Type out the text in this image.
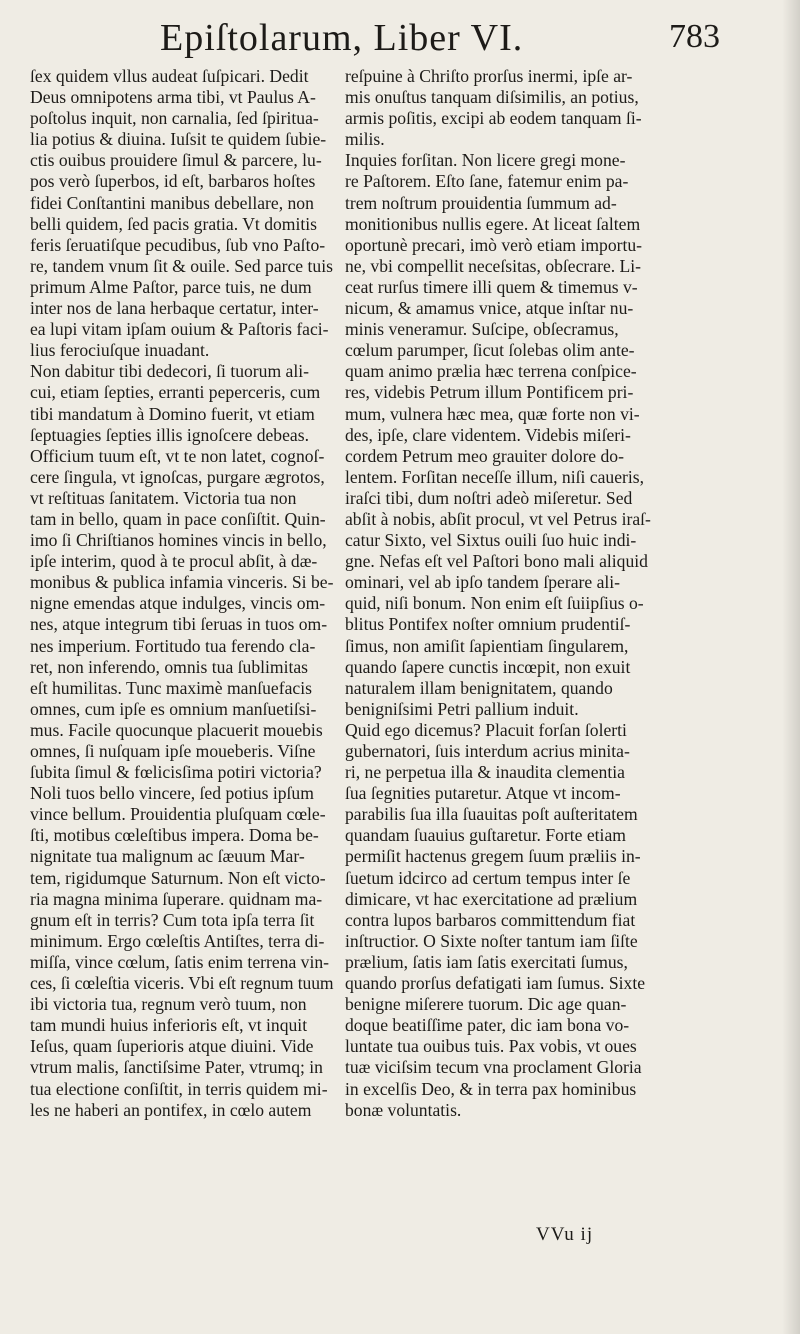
Epiſtolarum, Liber VI.	783
ſex quidem vllus audeat ſuſpicari. Dedit
Deus omnipotens arma tibi, vt Paulus A-
poſtolus inquit, non carnalia, ſed ſpiritua-
lia potius & diuina. Iuſsit te quidem ſubie-
ctis ouibus prouidere ſimul & parcere, lu-
pos verò ſuperbos, id eſt, barbaros hoſtes
fidei Conſtantini manibus debellare, non
belli quidem, ſed pacis gratia. Vt domitis
feris ſeruatiſque pecudibus, ſub vno Paſto-
re, tandem vnum ſit & ouile. Sed parce tuis
primum Alme Paſtor, parce tuis, ne dum
inter nos de lana herbaque certatur, inter-
ea lupi vitam ipſam ouium & Paſtoris faci-
lius ferociuſque inuadant.
Non dabitur tibi dedecori, ſi tuorum ali-
cui, etiam ſepties, erranti peperceris, cum
tibi mandatum à Domino fuerit, vt etiam
ſeptuagies ſepties illis ignoſcere debeas.
Officium tuum eſt, vt te non latet, cognoſ-
cere ſingula, vt ignoſcas, purgare ægrotos,
vt reſtituas ſanitatem. Victoria tua non
tam in bello, quam in pace conſiſtit. Quin-
imo ſi Chriſtianos homines vincis in bello,
ipſe interim, quod à te procul abſit, à dæ-
monibus & publica infamia vinceris. Si be-
nigne emendas atque indulges, vincis om-
nes, atque integrum tibi ſeruas in tuos om-
nes imperium. Fortitudo tua ferendo cla-
ret, non inferendo, omnis tua ſublimitas
eſt humilitas. Tunc maximè manſuefacis
omnes, cum ipſe es omnium manſuetiſsi-
mus. Facile quocunque placuerit mouebis
omnes, ſi nuſquam ipſe moueberis. Viſne
ſubita ſimul & fœlicisſima potiri victoria?
Noli tuos bello vincere, ſed potius ipſum
vince bellum. Prouidentia pluſquam cœle-
ſti, motibus cœleſtibus impera. Doma be-
nignitate tua malignum ac ſæuum Mar-
tem, rigidumque Saturnum. Non eſt victo-
ria magna minima ſuperare. quidnam ma-
gnum eſt in terris? Cum tota ipſa terra ſit
minimum. Ergo cœleſtis Antiſtes, terra di-
miſſa, vince cœlum, ſatis enim terrena vin-
ces, ſi cœleſtia viceris. Vbi eſt regnum tuum
ibi victoria tua, regnum verò tuum, non
tam mundi huius inferioris eſt, vt inquit
Ieſus, quam ſuperioris atque diuini. Vide
vtrum malis, ſanctiſsime Pater, vtrumq; in
tua electione conſiſtit, in terris quidem mi-
les ne haberi an pontifex, in cœlo autem
reſpuine à Chriſto prorſus inermi, ipſe ar-
mis onuſtus tanquam diſsimilis, an potius,
armis poſitis, excipi ab eodem tanquam ſi-
milis.
Inquies forſitan. Non licere gregi mone-
re Paſtorem. Eſto ſane, fatemur enim pa-
trem noſtrum prouidentia ſummum ad-
monitionibus nullis egere. At liceat ſaltem
oportunè precari, imò verò etiam importu-
ne, vbi compellit neceſsitas, obſecrare. Li-
ceat rurſus timere illi quem & timemus v-
nicum, & amamus vnice, atque inſtar nu-
minis veneramur. Suſcipe, obſecramus,
cœlum parumper, ſicut ſolebas olim ante-
quam animo prælia hæc terrena conſpice-
res, videbis Petrum illum Pontificem pri-
mum, vulnera hæc mea, quæ forte non vi-
des, ipſe, clare videntem. Videbis miſeri-
cordem Petrum meo grauiter dolore do-
lentem. Forſitan neceſſe illum, niſi caueris,
iraſci tibi, dum noſtri adeò miſeretur. Sed
abſit à nobis, abſit procul, vt vel Petrus iraſ-
catur Sixto, vel Sixtus ouili ſuo huic indi-
gne. Nefas eſt vel Paſtori bono mali aliquid
ominari, vel ab ipſo tandem ſperare ali-
quid, niſi bonum. Non enim eſt ſuiipſius o-
blitus Pontifex noſter omnium prudentiſ-
ſimus, non amiſit ſapientiam ſingularem,
quando ſapere cunctis incœpit, non exuit
naturalem illam benignitatem, quando
benigniſsimi Petri pallium induit.
Quid ego dicemus? Placuit forſan ſolerti
gubernatori, ſuis interdum acrius minita-
ri, ne perpetua illa & inaudita clementia
ſua ſegnities putaretur. Atque vt incom-
parabilis ſua illa ſuauitas poſt auſteritatem
quandam ſuauius guſtaretur. Forte etiam
permiſit hactenus gregem ſuum præliis in-
ſuetum idcirco ad certum tempus inter ſe
dimicare, vt hac exercitatione ad prælium
contra lupos barbaros committendum fiat
inſtructior. O Sixte noſter tantum iam ſiſte
prælium, ſatis iam ſatis exercitati ſumus,
quando prorſus defatigati iam ſumus. Sixte
benigne miſerere tuorum. Dic age quan-
doque beatiſſime pater, dic iam bona vo-
luntate tua ouibus tuis. Pax vobis, vt oues
tuæ viciſsim tecum vna proclament Gloria
in excelſis Deo, & in terra pax hominibus
bonæ voluntatis.
VVu ij
